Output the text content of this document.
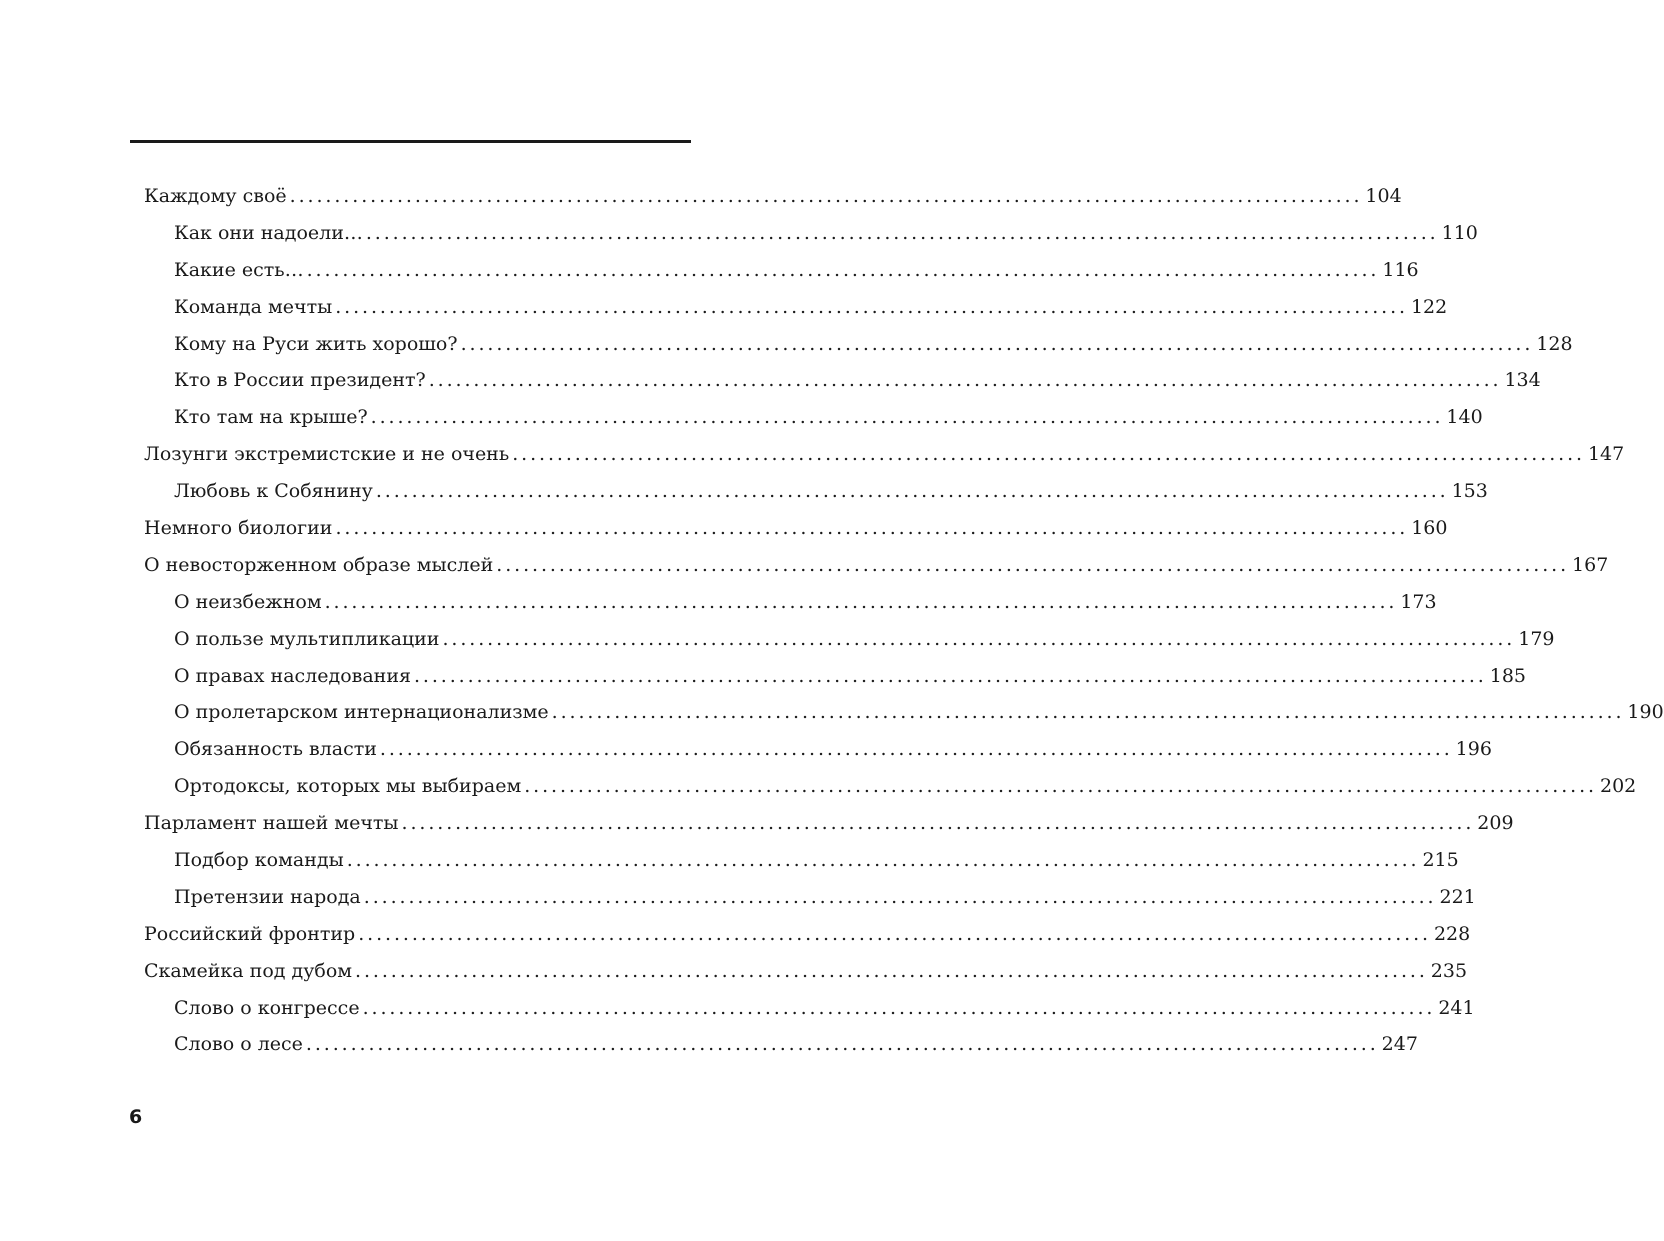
Каждому своё ........................................................................................................................ 104
Как они надоели… ........................................................................................................................ 110
Какие есть… ........................................................................................................................ 116
Команда мечты ........................................................................................................................ 122
Кому на Руси жить хорошо? ........................................................................................................................ 128
Кто в России президент? ........................................................................................................................ 134
Кто там на крыше? ........................................................................................................................ 140
Лозунги экстремистские и не очень ........................................................................................................................ 147
Любовь к Собянину ........................................................................................................................ 153
Немного биологии ........................................................................................................................ 160
О невосторженном образе мыслей ........................................................................................................................ 167
О неизбежном ........................................................................................................................ 173
О пользе мультипликации ........................................................................................................................ 179
О правах наследования ........................................................................................................................ 185
О пролетарском интернационализме ........................................................................................................................ 190
Обязанность власти ........................................................................................................................ 196
Ортодоксы, которых мы выбираем ........................................................................................................................ 202
Парламент нашей мечты ........................................................................................................................ 209
Подбор команды ........................................................................................................................ 215
Претензии народа ........................................................................................................................ 221
Российский фронтир ........................................................................................................................ 228
Скамейка под дубом ........................................................................................................................ 235
Слово о конгрессе ........................................................................................................................ 241
Слово о лесе ........................................................................................................................ 247
6
